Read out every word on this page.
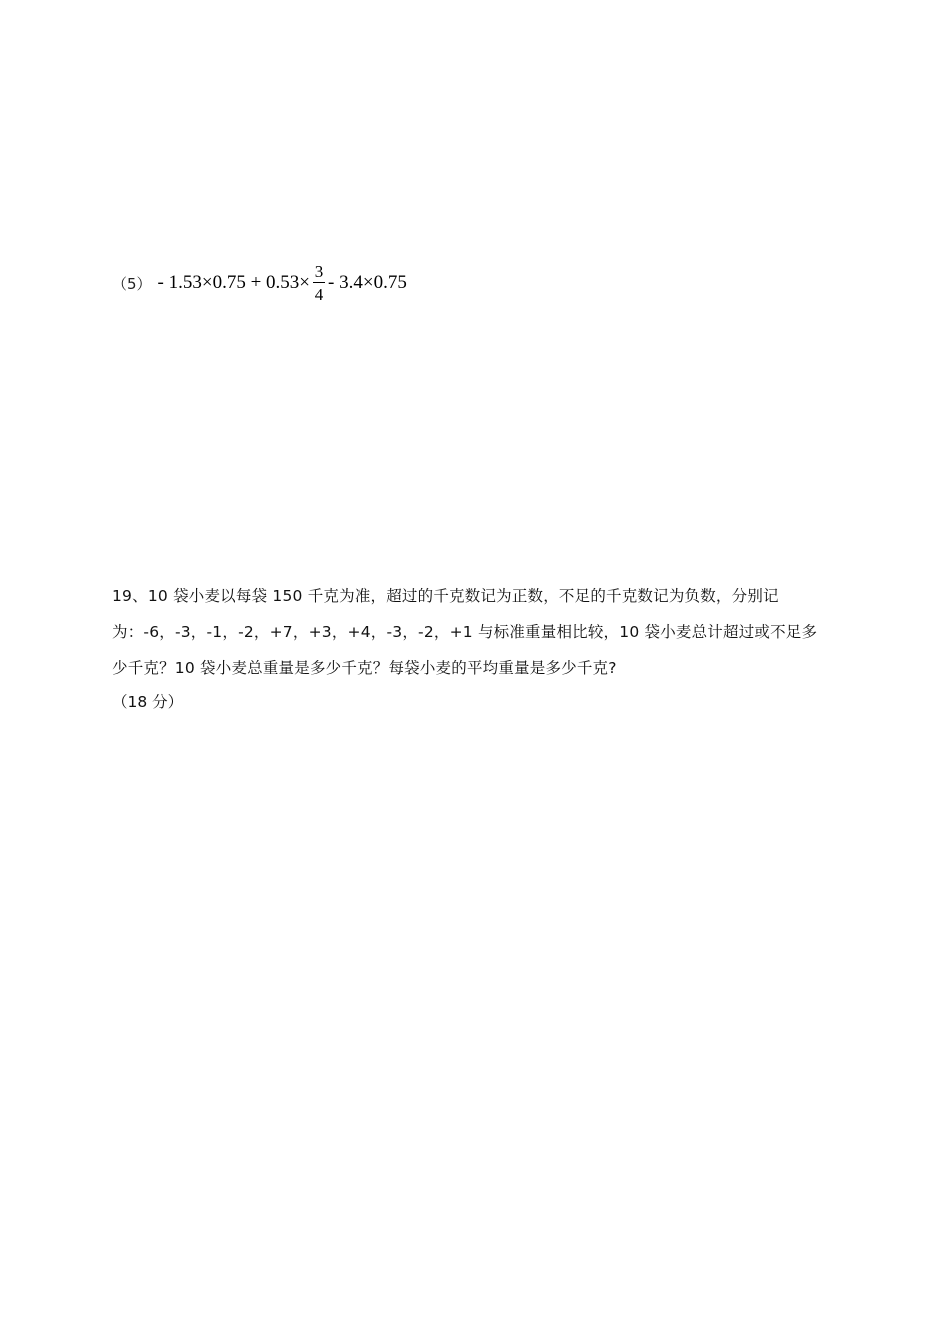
$(5) - 1.53\times 0.75 + 0.53\times \frac{3}{4} - 3.4\times 0.75$
19、10 袋小麦以每袋 150 千克为准，超过的千克数记为正数，不足的千克数记为负数，分别记
为：-6，-3，-1，-2，+7，+3，+4，-3，-2，+1 与标准重量相比较，10 袋小麦总计超过或不足多
少千克？10 袋小麦总重量是多少千克？每袋小麦的平均重量是多少千克?
（18 分）
